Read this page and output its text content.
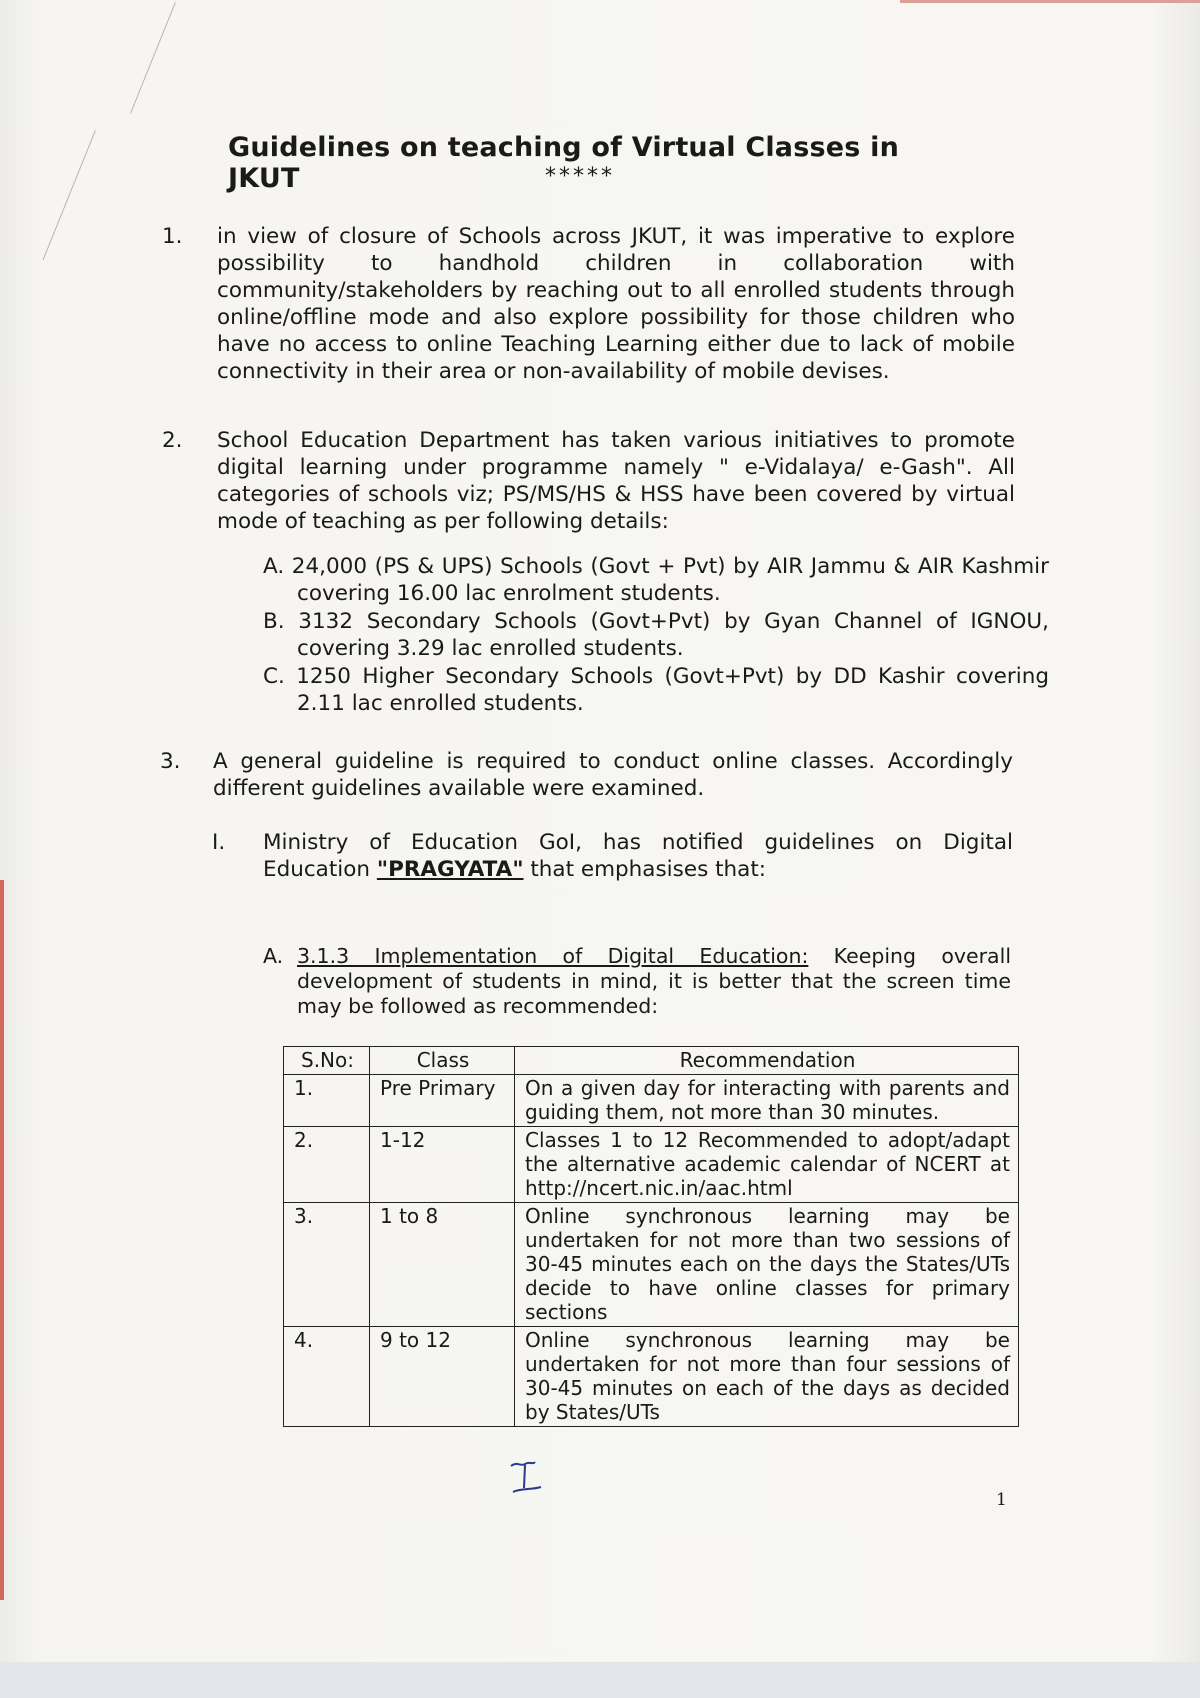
Guidelines on teaching of Virtual Classes in JKUT	*****
1. in view of closure of Schools across JKUT, it was imperative to explore possibility to handhold children in collaboration with community/stakeholders by reaching out to all enrolled students through online/offline mode and also explore possibility for those children who have no access to online Teaching Learning either due to lack of mobile connectivity in their area or non-availability of mobile devises.
2. School Education Department has taken various initiatives to promote digital learning under programme namely " e-Vidalaya/ e-Gash". All categories of schools viz; PS/MS/HS & HSS have been covered by virtual mode of teaching as per following details:
A. 24,000 (PS & UPS) Schools (Govt + Pvt) by AIR Jammu & AIR Kashmir covering 16.00 lac enrolment students.
B. 3132 Secondary Schools (Govt+Pvt) by Gyan Channel of IGNOU, covering 3.29 lac enrolled students.
C. 1250 Higher Secondary Schools (Govt+Pvt) by DD Kashir covering 2.11 lac enrolled students.
3. A general guideline is required to conduct online classes. Accordingly different guidelines available were examined.
I. Ministry of Education GoI, has notified guidelines on Digital Education "PRAGYATA" that emphasises that:
A. 3.1.3 Implementation of Digital Education: Keeping overall development of students in mind, it is better that the screen time may be followed as recommended:
S.No:	Class	Recommendation
1.	Pre Primary	On a given day for interacting with parents and guiding them, not more than 30 minutes.
2.	1-12	Classes 1 to 12 Recommended to adopt/adapt the alternative academic calendar of NCERT at http://ncert.nic.in/aac.html
3.	1 to 8	Online synchronous learning may be undertaken for not more than two sessions of 30-45 minutes each on the days the States/UTs decide to have online classes for primary sections
4.	9 to 12	Online synchronous learning may be undertaken for not more than four sessions of 30-45 minutes on each of the days as decided by States/UTs
1
